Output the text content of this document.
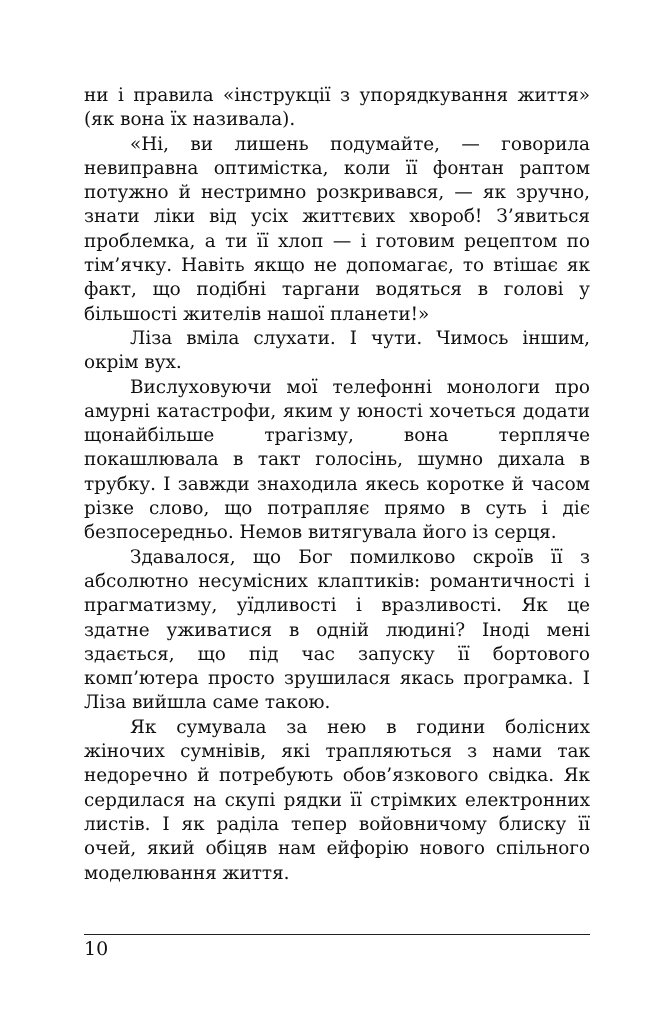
ни і правила «інструкції з упорядкування життя» (як вона їх називала).

«Ні, ви лишень подумайте, — говорила невиправна оптимістка, коли її фонтан раптом потужно й нестримно розкривався, — як зручно, знати ліки від усіх життєвих хвороб! З’явиться проблемка, а ти її хлоп — і готовим рецептом по тім’ячку. Навіть якщо не допомагає, то втішає як факт, що подібні таргани водяться в голові у більшості жителів нашої планети!»

Ліза вміла слухати. І чути. Чимось іншим, окрім вух.

Вислуховуючи мої телефонні монологи про амурні катастрофи, яким у юності хочеться додати щонайбільше трагізму, вона терпляче покашлювала в такт голосінь, шумно дихала в трубку. І завжди знаходила якесь коротке й часом різке слово, що потрапляє прямо в суть і діє безпосередньо. Немов витягувала його із серця.

Здавалося, що Бог помилково скроїв її з абсолютно несумісних клаптиків: романтичності і прагматизму, уїдливості і вразливості. Як це здатне уживатися в одній людині? Іноді мені здається, що під час запуску її бортового комп’ютера просто зрушилася якась програмка. І Ліза вийшла саме такою.

Як сумувала за нею в години болісних жіночих сумнівів, які трапляються з нами так недоречно й потребують обов’язкового свідка. Як сердилася на скупі рядки її стрімких електронних листів. І як раділа тепер войовничому блиску її очей, який обіцяв нам ейфорію нового спільного моделювання життя.

10
